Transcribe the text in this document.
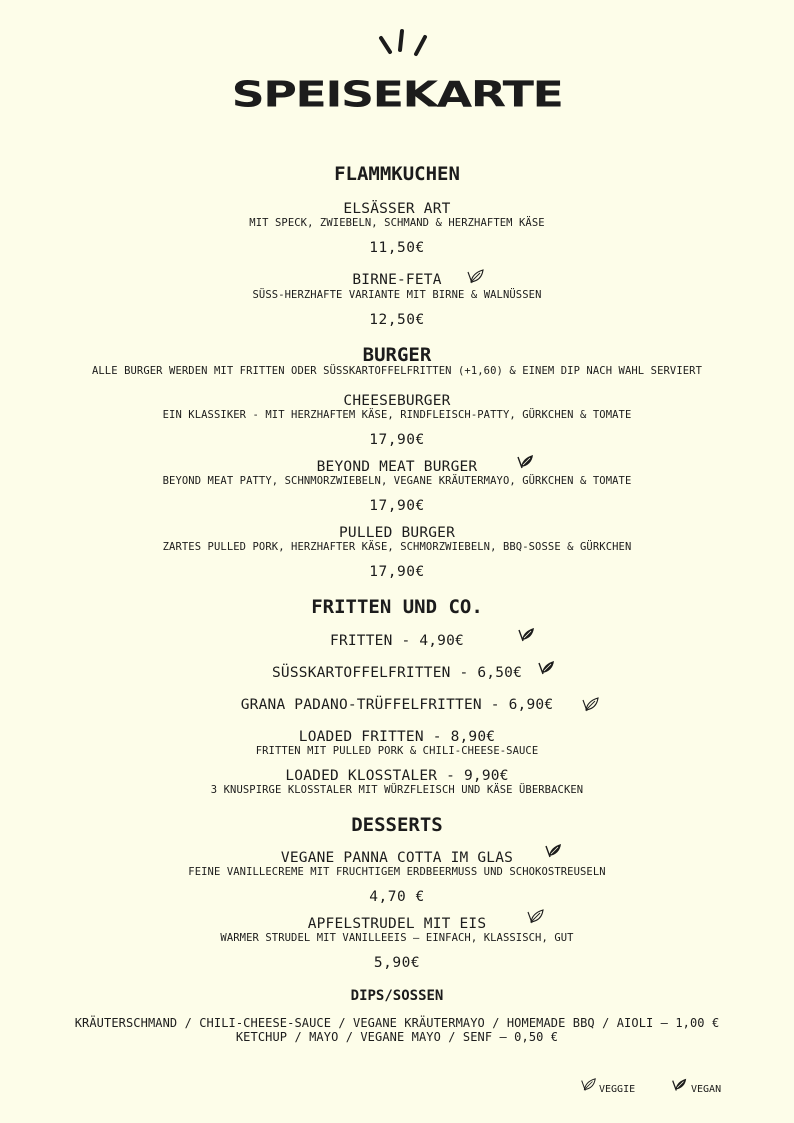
SPEISEKARTE
FLAMMKUCHEN
ELSÄSSER ART
MIT SPECK, ZWIEBELN, SCHMAND & HERZHAFTEM KÄSE
11,50€
BIRNE-FETA
SÜSS-HERZHAFTE VARIANTE MIT BIRNE & WALNÜSSEN
12,50€
BURGER
ALLE BURGER WERDEN MIT FRITTEN ODER SÜSSKARTOFFELFRITTEN (+1,60) & EINEM DIP NACH WAHL SERVIERT
CHEESEBURGER
EIN KLASSIKER - MIT HERZHAFTEM KÄSE, RINDFLEISCH-PATTY, GÜRKCHEN & TOMATE
17,90€
BEYOND MEAT BURGER
BEYOND MEAT PATTY, SCHNMORZWIEBELN, VEGANE KRÄUTERMAYO, GÜRKCHEN & TOMATE
17,90€
PULLED BURGER
ZARTES PULLED PORK, HERZHAFTER KÄSE, SCHMORZWIEBELN, BBQ-SOSSE & GÜRKCHEN
17,90€
FRITTEN UND CO.
FRITTEN - 4,90€
SÜSSKARTOFFELFRITTEN - 6,50€
GRANA PADANO-TRÜFFELFRITTEN - 6,90€
LOADED FRITTEN - 8,90€
FRITTEN MIT PULLED PORK & CHILI-CHEESE-SAUCE
LOADED KLOSSTALER - 9,90€
3 KNUSPIRGE KLOSSTALER MIT WÜRZFLEISCH UND KÄSE ÜBERBACKEN
DESSERTS
VEGANE PANNA COTTA IM GLAS
FEINE VANILLECREME MIT FRUCHTIGEM ERDBEERMUSS UND SCHOKOSTREUSELN
4,70 €
APFELSTRUDEL MIT EIS
WARMER STRUDEL MIT VANILLEEIS – EINFACH, KLASSISCH, GUT
5,90€
DIPS/SOSSEN
KRÄUTERSCHMAND / CHILI-CHEESE-SAUCE / VEGANE KRÄUTERMAYO / HOMEMADE BBQ / AIOLI – 1,00 €
KETCHUP / MAYO / VEGANE MAYO / SENF – 0,50 €
VEGGIE	VEGAN
